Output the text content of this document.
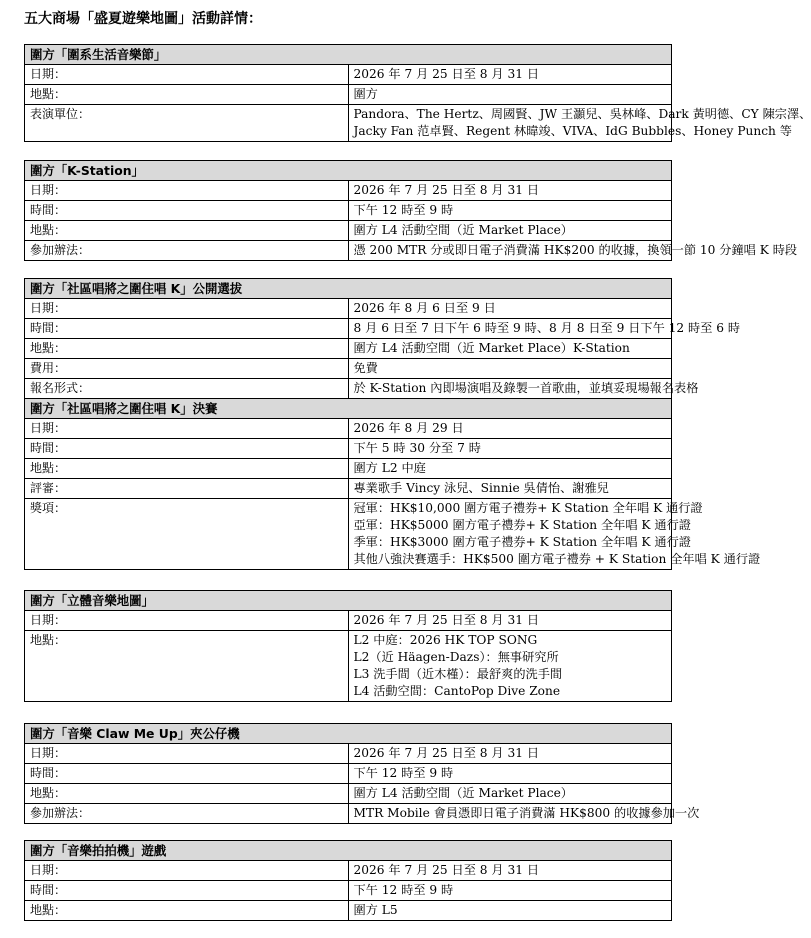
五大商場「盛夏遊樂地圖」活動詳情：
圍方「圍系生活音樂節」	
日期：	2026 年 7 月 25 日至 8 月 31 日

地點：	圍方

表演單位：	Pandora、The Hertz、周國賢、JW 王灝兒、吳林峰、Dark 黃明德、CY 陳宗澤、
Jacky Fan 范卓賢、Regent 林暐竣、VIVA、IdG Bubbles、Honey Punch 等
圍方「K-Station」	
日期：	2026 年 7 月 25 日至 8 月 31 日

時間：	下午 12 時至 9 時

地點：	圍方 L4 活動空間（近 Market Place）

參加辦法：	憑 200 MTR 分或即日電子消費滿 HK$200 的收據，換領一節 10 分鐘唱 K 時段
圍方「社區唱將之圍住唱 K」公開選拔	
日期：	2026 年 8 月 6 日至 9 日

時間：	8 月 6 日至 7 日下午 6 時至 9 時、8 月 8 日至 9 日下午 12 時至 6 時

地點：	圍方 L4 活動空間（近 Market Place）K-Station

費用：	免費

報名形式：	於 K-Station 內即場演唱及錄製一首歌曲，並填妥現場報名表格

圍方「社區唱將之圍住唱 K」決賽	
日期：	2026 年 8 月 29 日

時間：	下午 5 時 30 分至 7 時

地點：	圍方 L2 中庭

評審：	專業歌手 Vincy 泳兒、Sinnie 吳倩怡、謝雅兒

獎項：	冠軍：HK$10,000 圍方電子禮券+ K Station 全年唱 K 通行證
亞軍：HK$5000 圍方電子禮券+ K Station 全年唱 K 通行證
季軍：HK$3000 圍方電子禮券+ K Station 全年唱 K 通行證
其他八強決賽選手：HK$500 圍方電子禮券 + K Station 全年唱 K 通行證
圍方「立體音樂地圖」	
日期：	2026 年 7 月 25 日至 8 月 31 日

地點：	L2 中庭：2026 HK TOP SONG
L2（近 Häagen-Dazs）：無事研究所
L3 洗手間（近木槿）：最舒爽的洗手間
L4 活動空間：CantoPop Dive Zone
圍方「音樂 Claw Me Up」夾公仔機	
日期：	2026 年 7 月 25 日至 8 月 31 日

時間：	下午 12 時至 9 時

地點：	圍方 L4 活動空間（近 Market Place）

參加辦法：	MTR Mobile 會員憑即日電子消費滿 HK$800 的收據參加一次
圍方「音樂拍拍機」遊戲	
日期：	2026 年 7 月 25 日至 8 月 31 日

時間：	下午 12 時至 9 時

地點：	圍方 L5
